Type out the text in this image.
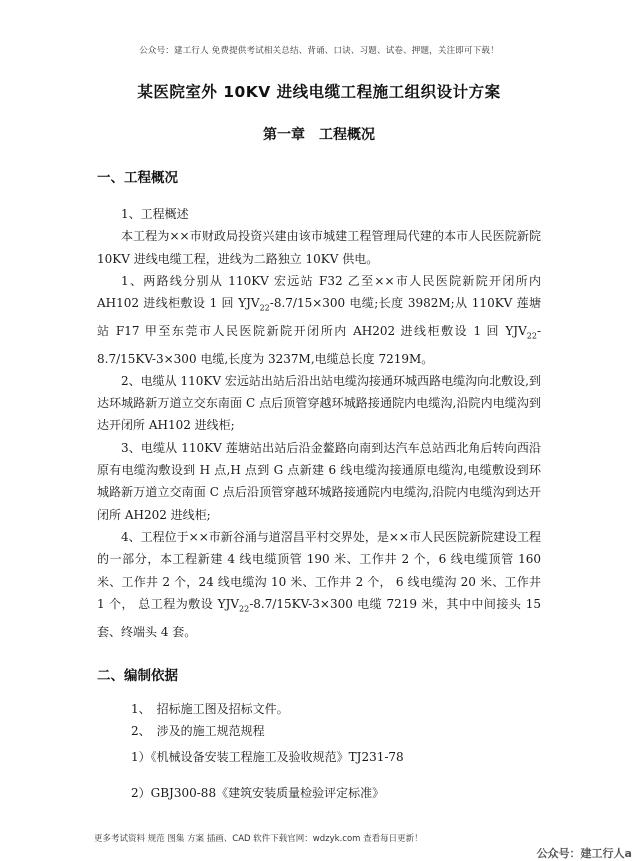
公众号：建工行人 免费提供考试相关总结、背诵、口诀、习题、试卷、押题，关注即可下载！
某医院室外 10KV 进线电缆工程施工组织设计方案
第一章　工程概况
一、工程概况

1、工程概述

本工程为××市财政局投资兴建由该市城建工程管理局代建的本市人民医院新院 10KV 进线电缆工程，进线为二路独立 10KV 供电。

1、两路线分别从 110KV 宏远站 F32 乙至××市人民医院新院开闭所内 AH102 进线柜敷设 1 回 $YJV_{22}-8.7/15\times 300$ 电缆;长度 3982M;从 110KV 莲塘站 F17 甲至东莞市人民医院新院开闭所内 AH202 进线柜敷设 1 回 $YJV_{22}-8.7/15KV-3\times 300$ 电缆,长度为 3237M,电缆总长度 7219M。

2、电缆从 110KV 宏远站出站后沿出站电缆沟接通环城西路电缆沟向北敷设,到达环城路新万道立交东南面 C 点后顶管穿越环城路接通院内电缆沟,沿院内电缆沟到达开闭所 AH102 进线柜;

3、电缆从 110KV 莲塘站出站后沿金鳌路向南到达汽车总站西北角后转向西沿原有电缆沟敷设到 H 点,H 点到 G 点新建 6 线电缆沟接通原电缆沟,电缆敷设到环城路新万道立交南面 C 点后沿顶管穿越环城路接通院内电缆沟,沿院内电缆沟到达开闭所 AH202 进线柜;

4、工程位于××市新谷涌与道滘昌平村交界处，是××市人民医院新院建设工程的一部分，本工程新建 4 线电缆顶管 190 米、工作井 2 个，6 线电缆顶管 160 米、工作井 2 个，24 线电缆沟 10 米、工作井 2 个， 6 线电缆沟 20 米、工作井 1 个， 总工程为敷设 $YJV_{22}-8.7/15KV-3\times 300$ 电缆 7219 米，其中中间接头 15 套、终端头 4 套。

二、编制依据
1、　招标施工图及招标文件。
2、　涉及的施工规范规程
1）《机械设备安装工程施工及验收规范》TJ231-78
2）GBJ300-88《建筑安装质量检验评定标准》
更多考试资料 规范 图集 方案 插画、CAD 软件下载官网：wdzyk.com 查看每日更新！
公众号：建工行人a
